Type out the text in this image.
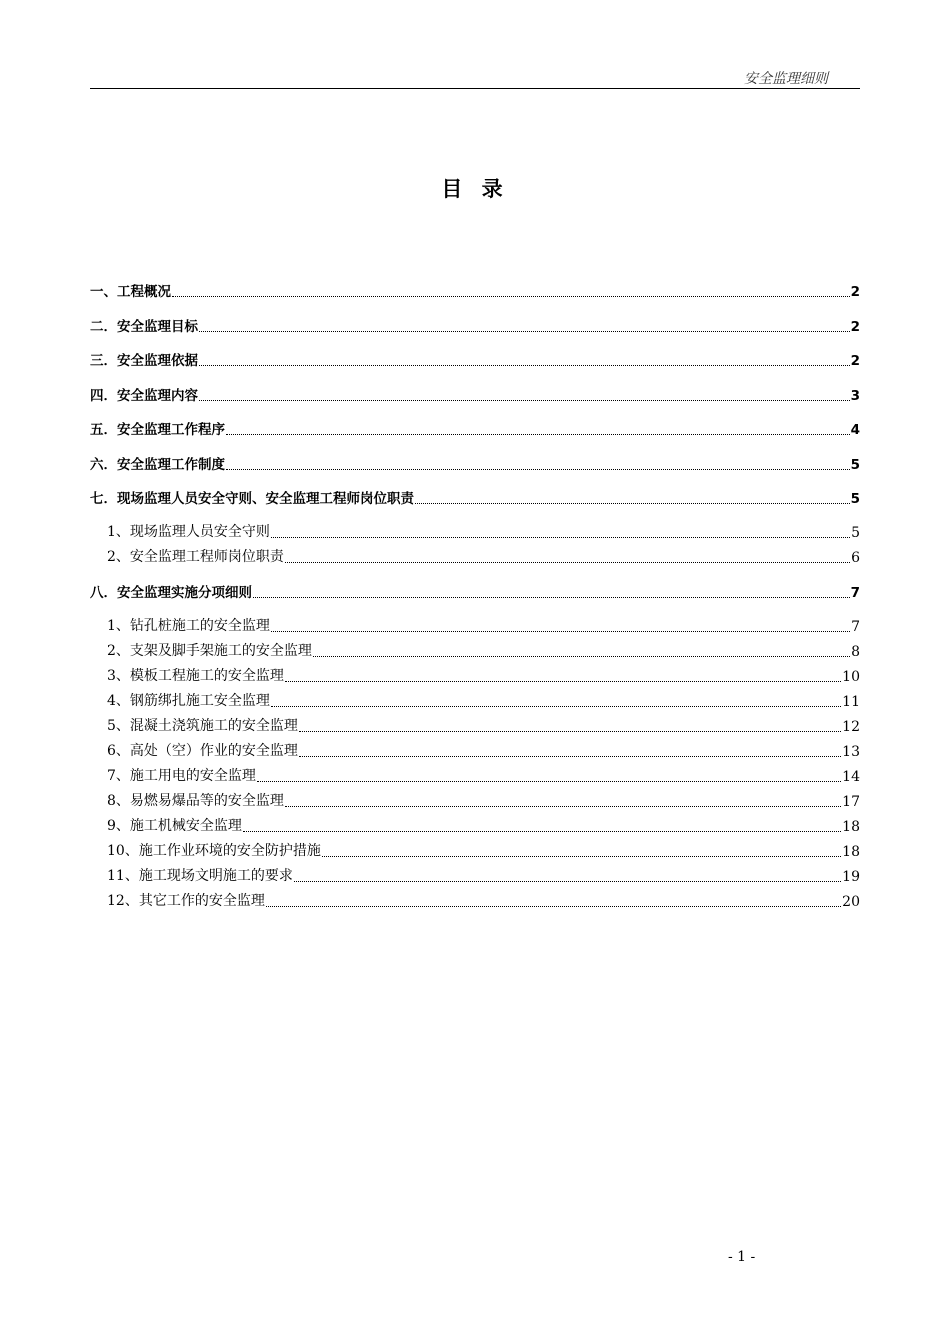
安全监理细则
目 录
一、工程概况	2
二．安全监理目标	2
三．安全监理依据	2
四．安全监理内容	3
五．安全监理工作程序	4
六．安全监理工作制度	5
七．现场监理人员安全守则、安全监理工程师岗位职责	5
1、现场监理人员安全守则	5
2、安全监理工程师岗位职责	6
八．安全监理实施分项细则	7
1、钻孔桩施工的安全监理	7
2、支架及脚手架施工的安全监理	8
3、模板工程施工的安全监理	10
4、钢筋绑扎施工安全监理	11
5、混凝土浇筑施工的安全监理	12
6、高处（空）作业的安全监理	13
7、施工用电的安全监理	14
8、易燃易爆品等的安全监理	17
9、施工机械安全监理	18
10、施工作业环境的安全防护措施	18
11、施工现场文明施工的要求	19
12、其它工作的安全监理	20
- 1 -
